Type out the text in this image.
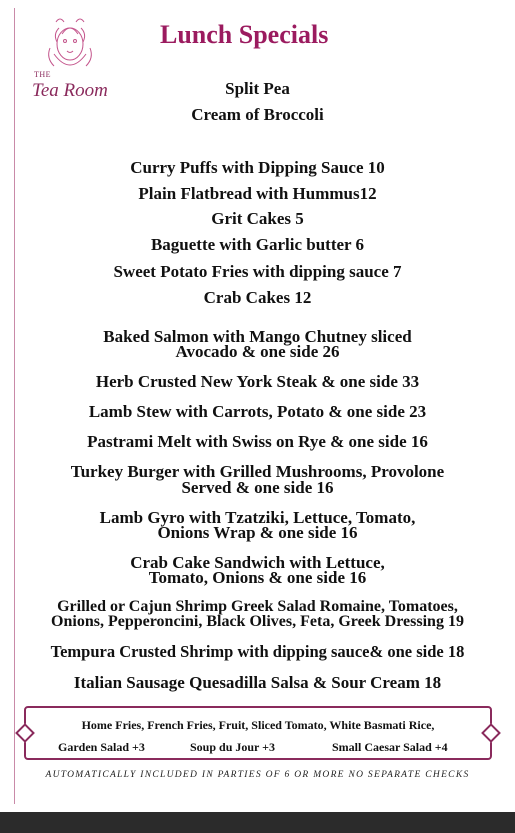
THE
Tea Room
Lunch Specials
Split Pea
Cream of Broccoli
Curry Puffs with Dipping Sauce 10
Plain Flatbread with Hummus12
Grit Cakes 5
Baguette with Garlic butter 6
Sweet Potato Fries with dipping sauce 7
Crab Cakes 12
Baked Salmon with Mango Chutney sliced
Avocado & one side 26
Herb Crusted New York Steak & one side 33
Lamb Stew with Carrots, Potato & one side 23
Pastrami Melt with Swiss on Rye & one side 16
Turkey Burger with Grilled Mushrooms, Provolone
Served & one side 16
Lamb Gyro with Tzatziki, Lettuce, Tomato,
Onions Wrap & one side 16
Crab Cake Sandwich with Lettuce,
Tomato, Onions & one side 16
Grilled or Cajun Shrimp Greek Salad Romaine, Tomatoes,
Onions, Pepperoncini, Black Olives, Feta, Greek Dressing 19
Tempura Crusted Shrimp with dipping sauce& one side 18
Italian Sausage Quesadilla Salsa & Sour Cream 18
Home Fries, French Fries, Fruit, Sliced Tomato, White Basmati Rice,
Garden Salad +3	Soup du Jour +3	Small Caesar Salad +4
AUTOMATICALLY INCLUDED IN PARTIES OF 6 OR MORE NO SEPARATE CHECKS
